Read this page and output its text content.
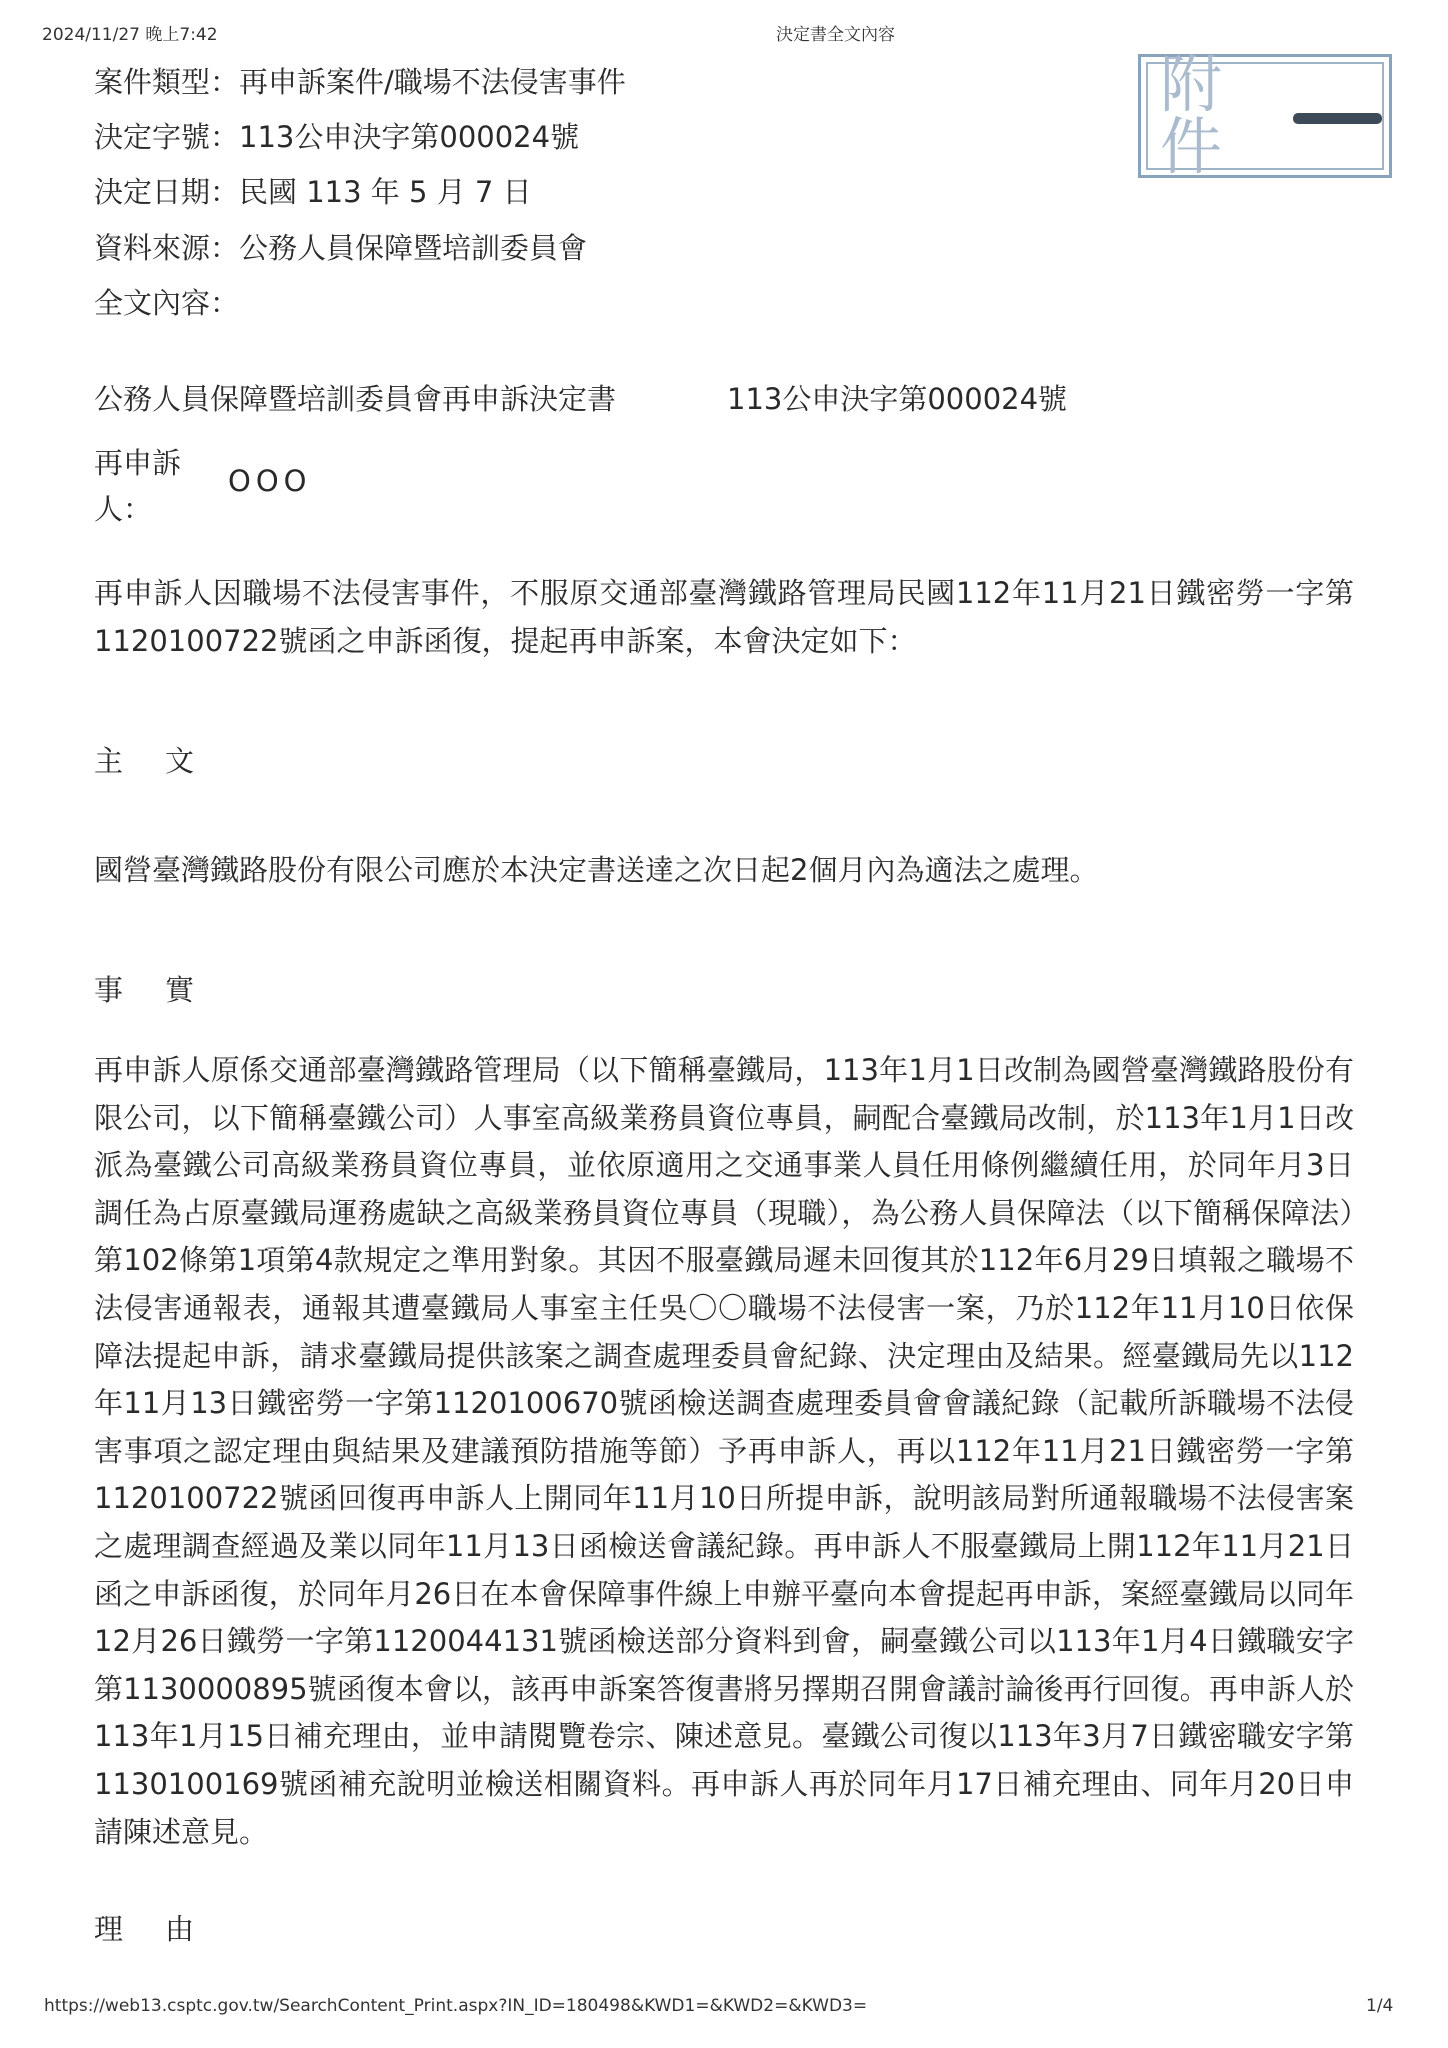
2024/11/27 晚上7:42	決定書全文內容
附件
案件類型：再申訴案件/職場不法侵害事件
決定字號：113公申決字第000024號
決定日期：民國 113 年 5 月 7 日
資料來源：公務人員保障暨培訓委員會
全文內容：
公務人員保障暨培訓委員會再申訴決定書	113公申決字第000024號
再申訴人：
OOO
再申訴人因職場不法侵害事件，不服原交通部臺灣鐵路管理局民國112年11月21日鐵密勞一字第1120100722號函之申訴函復，提起再申訴案，本會決定如下：
主文
國營臺灣鐵路股份有限公司應於本決定書送達之次日起2個月內為適法之處理。
事實
再申訴人原係交通部臺灣鐵路管理局（以下簡稱臺鐵局，113年1月1日改制為國營臺灣鐵路股份有限公司，以下簡稱臺鐵公司）人事室高級業務員資位專員，嗣配合臺鐵局改制，於113年1月1日改派為臺鐵公司高級業務員資位專員，並依原適用之交通事業人員任用條例繼續任用，於同年月3日調任為占原臺鐵局運務處缺之高級業務員資位專員（現職），為公務人員保障法（以下簡稱保障法）第102條第1項第4款規定之準用對象。其因不服臺鐵局遲未回復其於112年6月29日填報之職場不法侵害通報表，通報其遭臺鐵局人事室主任吳〇〇職場不法侵害一案，乃於112年11月10日依保障法提起申訴，請求臺鐵局提供該案之調查處理委員會紀錄、決定理由及結果。經臺鐵局先以112年11月13日鐵密勞一字第1120100670號函檢送調查處理委員會會議紀錄（記載所訴職場不法侵害事項之認定理由與結果及建議預防措施等節）予再申訴人，再以112年11月21日鐵密勞一字第1120100722號函回復再申訴人上開同年11月10日所提申訴，說明該局對所通報職場不法侵害案之處理調查經過及業以同年11月13日函檢送會議紀錄。再申訴人不服臺鐵局上開112年11月21日函之申訴函復，於同年月26日在本會保障事件線上申辦平臺向本會提起再申訴，案經臺鐵局以同年12月26日鐵勞一字第1120044131號函檢送部分資料到會，嗣臺鐵公司以113年1月4日鐵職安字第1130000895號函復本會以，該再申訴案答復書將另擇期召開會議討論後再行回復。再申訴人於113年1月15日補充理由，並申請閱覽卷宗、陳述意見。臺鐵公司復以113年3月7日鐵密職安字第1130100169號函補充說明並檢送相關資料。再申訴人再於同年月17日補充理由、同年月20日申請陳述意見。
理由
https://web13.csptc.gov.tw/SearchContent_Print.aspx?IN_ID=180498&KWD1=&KWD2=&KWD3=	1/4
